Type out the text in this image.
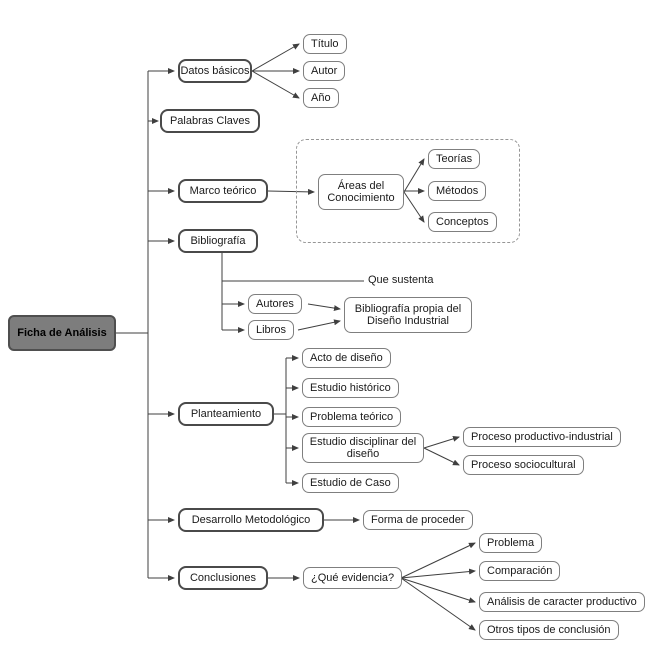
Ficha de Análisis
Datos básicos
Palabras Claves
Marco teórico
Bibliografía
Planteamiento
Desarrollo Metodológico
Conclusiones
Título
Autor
Año
Áreas del Conocimiento
Teorías
Métodos
Conceptos
Que sustenta
Autores
Libros
Bibliografía propia del Diseño Industrial
Acto de diseño
Estudio histórico
Problema teórico
Estudio disciplinar del diseño
Proceso productivo-industrial
Proceso sociocultural
Estudio de Caso
Forma de proceder
¿Qué evidencia?
Problema
Comparación
Análisis de caracter productivo
Otros tipos de conclusión
